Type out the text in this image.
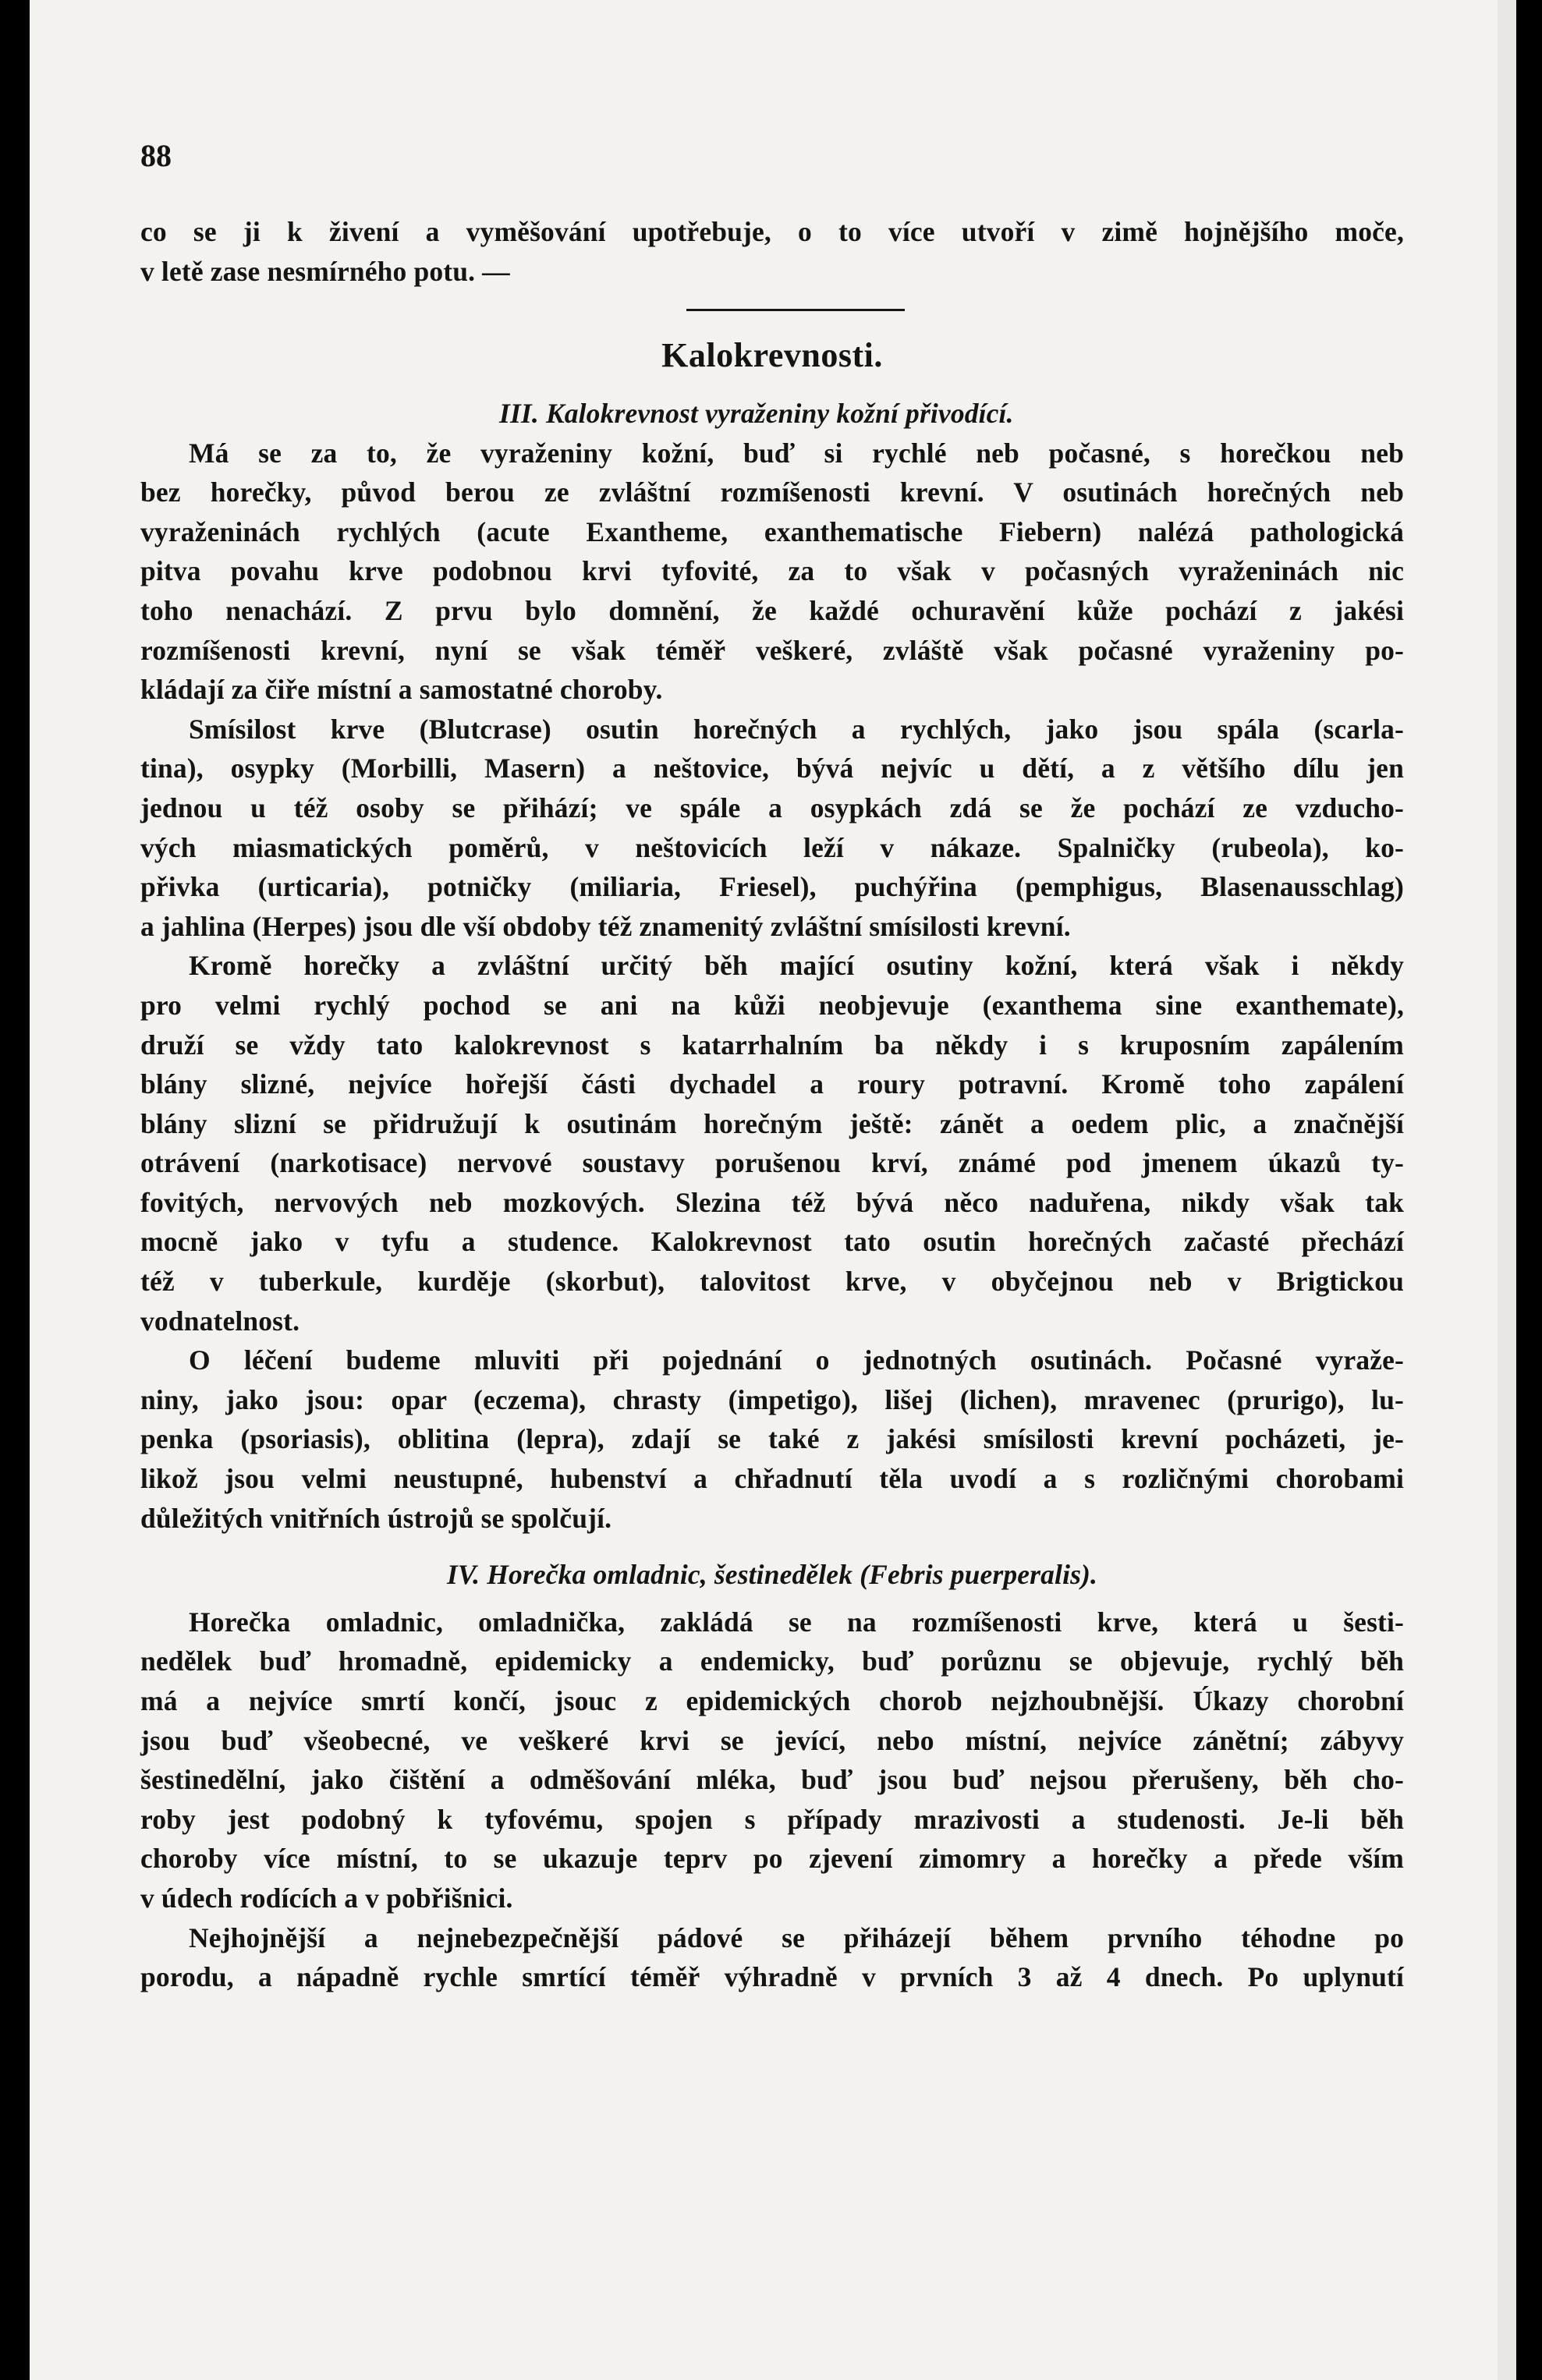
88
co se ji k živení a vyměšování upotřebuje, o to více utvoří v zimě hojnějšího moče,
v letě zase nesmírného potu. —
Kalokrevnosti.
III. Kalokrevnost vyraženiny kožní přivodící.
Má se za to, že vyraženiny kožní, buď si rychlé neb počasné, s horečkou neb
bez horečky, původ berou ze zvláštní rozmíšenosti krevní. V osutinách horečných neb
vyraženinách rychlých (acute Exantheme, exanthematische Fiebern) nalézá pathologická
pitva povahu krve podobnou krvi tyfovité, za to však v počasných vyraženinách nic
toho nenachází. Z prvu bylo domnění, že každé ochuravění kůže pochází z jakési
rozmíšenosti krevní, nyní se však téměř veškeré, zvláště však počasné vyraženiny po-
kládají za čiře místní a samostatné choroby.
Smísilost krve (Blutcrase) osutin horečných a rychlých, jako jsou spála (scarla-
tina), osypky (Morbilli, Masern) a neštovice, bývá nejvíc u dětí, a z většího dílu jen
jednou u též osoby se přihází; ve spále a osypkách zdá se že pochází ze vzducho-
vých miasmatických poměrů, v neštovicích leží v nákaze. Spalničky (rubeola), ko-
přivka (urticaria), potničky (miliaria, Friesel), puchýřina (pemphigus, Blasenausschlag)
a jahlina (Herpes) jsou dle vší obdoby též znamenitý zvláštní smísilosti krevní.
Kromě horečky a zvláštní určitý běh mající osutiny kožní, která však i někdy
pro velmi rychlý pochod se ani na kůži neobjevuje (exanthema sine exanthemate),
druží se vždy tato kalokrevnost s katarrhalním ba někdy i s kruposním zapálením
blány slizné, nejvíce hořejší části dychadel a roury potravní. Kromě toho zapálení
blány slizní se přidružují k osutinám horečným ještě: zánět a oedem plic, a značnější
otrávení (narkotisace) nervové soustavy porušenou krví, známé pod jmenem úkazů ty-
fovitých, nervových neb mozkových. Slezina též bývá něco naduřena, nikdy však tak
mocně jako v tyfu a studence. Kalokrevnost tato osutin horečných začasté přechází
též v tuberkule, kurděje (skorbut), talovitost krve, v obyčejnou neb v Brigtickou
vodnatelnost.
O léčení budeme mluviti při pojednání o jednotných osutinách. Počasné vyraže-
niny, jako jsou: opar (eczema), chrasty (impetigo), lišej (lichen), mravenec (prurigo), lu-
penka (psoriasis), oblitina (lepra), zdají se také z jakési smísilosti krevní pocházeti, je-
likož jsou velmi neustupné, hubenství a chřadnutí těla uvodí a s rozličnými chorobami
důležitých vnitřních ústrojů se spolčují.
IV. Horečka omladnic, šestinedělek (Febris puerperalis).
Horečka omladnic, omladnička, zakládá se na rozmíšenosti krve, která u šesti-
nedělek buď hromadně, epidemicky a endemicky, buď porůznu se objevuje, rychlý běh
má a nejvíce smrtí končí, jsouc z epidemických chorob nejzhoubnější. Úkazy chorobní
jsou buď všeobecné, ve veškeré krvi se jevící, nebo místní, nejvíce zánětní; zábyvy
šestinedělní, jako čištění a odměšování mléka, buď jsou buď nejsou přerušeny, běh cho-
roby jest podobný k tyfovému, spojen s případy mrazivosti a studenosti. Je-li běh
choroby více místní, to se ukazuje teprv po zjevení zimomry a horečky a přede vším
v údech rodících a v pobřišnici.
Nejhojnější a nejnebezpečnější pádové se přiházejí během prvního téhodne po
porodu, a nápadně rychle smrtící téměř výhradně v prvních 3 až 4 dnech. Po uplynutí
